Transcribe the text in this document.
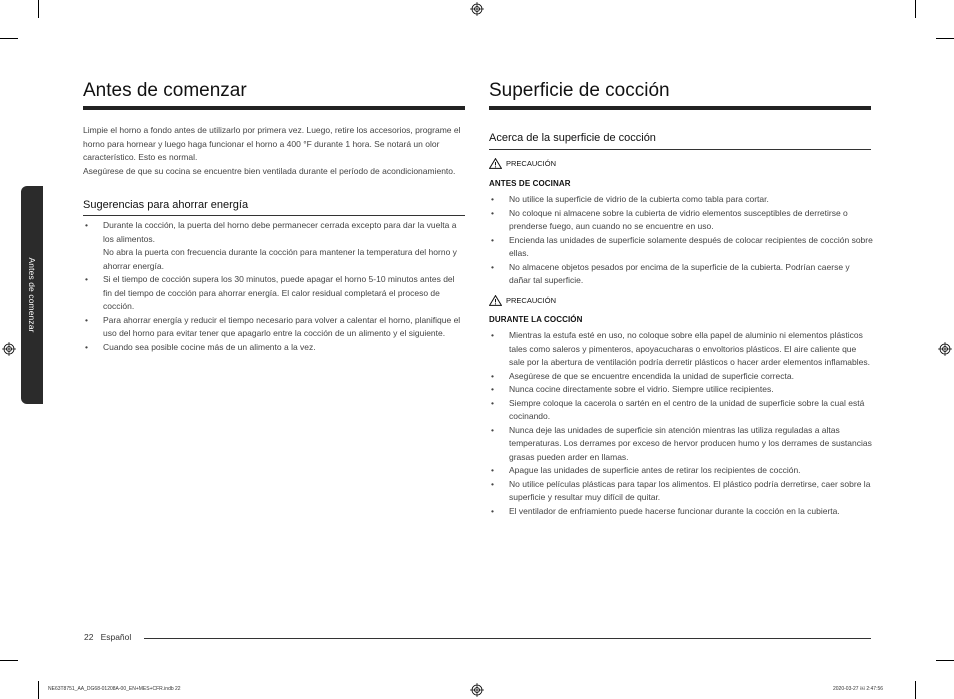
Antes de comenzar
Antes de comenzar

Limpie el horno a fondo antes de utilizarlo por primera vez. Luego, retire los accesorios, programe el horno para hornear y luego haga funcionar el horno a 400 °F durante 1 hora. Se notará un olor característico. Esto es normal.

Asegúrese de que su cocina se encuentre bien ventilada durante el período de acondicionamiento.

Sugerencias para ahorrar energía
• Durante la cocción, la puerta del horno debe permanecer cerrada excepto para dar la vuelta a los alimentos.
No abra la puerta con frecuencia durante la cocción para mantener la temperatura del horno y ahorrar energía.
• Si el tiempo de cocción supera los 30 minutos, puede apagar el horno 5-10 minutos antes del fin del tiempo de cocción para ahorrar energía. El calor residual completará el proceso de cocción.
• Para ahorrar energía y reducir el tiempo necesario para volver a calentar el horno, planifique el uso del horno para evitar tener que apagarlo entre la cocción de un alimento y el siguiente.
• Cuando sea posible cocine más de un alimento a la vez.
Superficie de cocción
Acerca de la superficie de cocción
PRECAUCIÓN
ANTES DE COCINAR
• No utilice la superficie de vidrio de la cubierta como tabla para cortar.
• No coloque ni almacene sobre la cubierta de vidrio elementos susceptibles de derretirse o prenderse fuego, aun cuando no se encuentre en uso.
• Encienda las unidades de superficie solamente después de colocar recipientes de cocción sobre ellas.
• No almacene objetos pesados por encima de la superficie de la cubierta. Podrían caerse y dañar tal superficie.
PRECAUCIÓN
DURANTE LA COCCIÓN
• Mientras la estufa esté en uso, no coloque sobre ella papel de aluminio ni elementos plásticos tales como saleros y pimenteros, apoyacucharas o envoltorios plásticos. El aire caliente que sale por la abertura de ventilación podría derretir plásticos o hacer arder elementos inflamables.
• Asegúrese de que se encuentre encendida la unidad de superficie correcta.
• Nunca cocine directamente sobre el vidrio. Siempre utilice recipientes.
• Siempre coloque la cacerola o sartén en el centro de la unidad de superficie sobre la cual está cocinando.
• Nunca deje las unidades de superficie sin atención mientras las utiliza reguladas a altas temperaturas. Los derrames por exceso de hervor producen humo y los derrames de sustancias grasas pueden arder en llamas.
• Apague las unidades de superficie antes de retirar los recipientes de cocción.
• No utilice películas plásticas para tapar los alimentos. El plástico podría derretirse, caer sobre la superficie y resultar muy difícil de quitar.
• El ventilador de enfriamiento puede hacerse funcionar durante la cocción en la cubierta.
22 Español
NE63T8751_AA_DG68-01208A-00_EN+MES+CFR.indb 22	2020-03-27 ￼ 2:47:56
